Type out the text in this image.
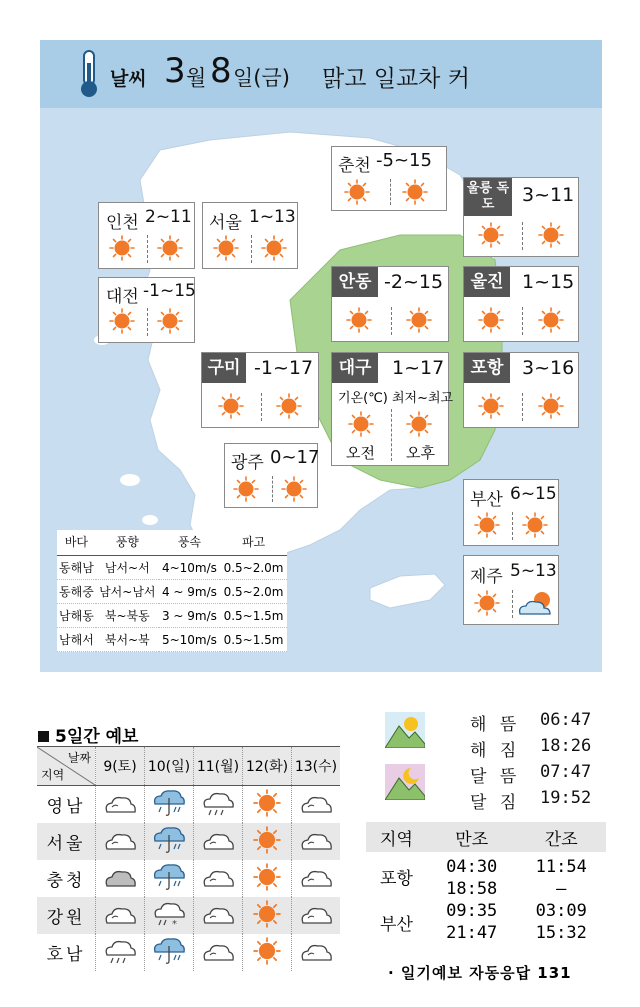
날씨 3 월 8 일(금) 맑고 일교차 커
춘천 -5~15
인천 2~11 서울 1~13
대전 -1~15
울릉 독도	3~11
안동 -2~15	울진 1~15
구미 -1~17	대구	1~17
기온(℃) 최저~최고
오전 오후
포항 3~16
광주 0~17
부산 6~15
제주 5~13
바다	풍향	풍속	파고
동해남	남서~서	4~10m/s	0.5~2.0m
동해중	남서~남서	4 ~ 9m/s	0.5~2.0m
남해동	북~북동	3 ~ 9m/s	0.5~1.5m
남해서	북서~북	5~10m/s	0.5~1.5m
5일간 예보
날짜
지역	9(토)	10(일)	11(월)	12(화)	13(수)
영남					
서울					
충청					
강원					
호남					
해 뜸 06:47
해 짐 18:26
달 뜸 07:47
달 짐 19:52
지역	만조	간조
포항	04:30	11:54
	18:58	–
부산	09:35	03:09
	21:47	15:32
· 일기예보 자동응답 131
